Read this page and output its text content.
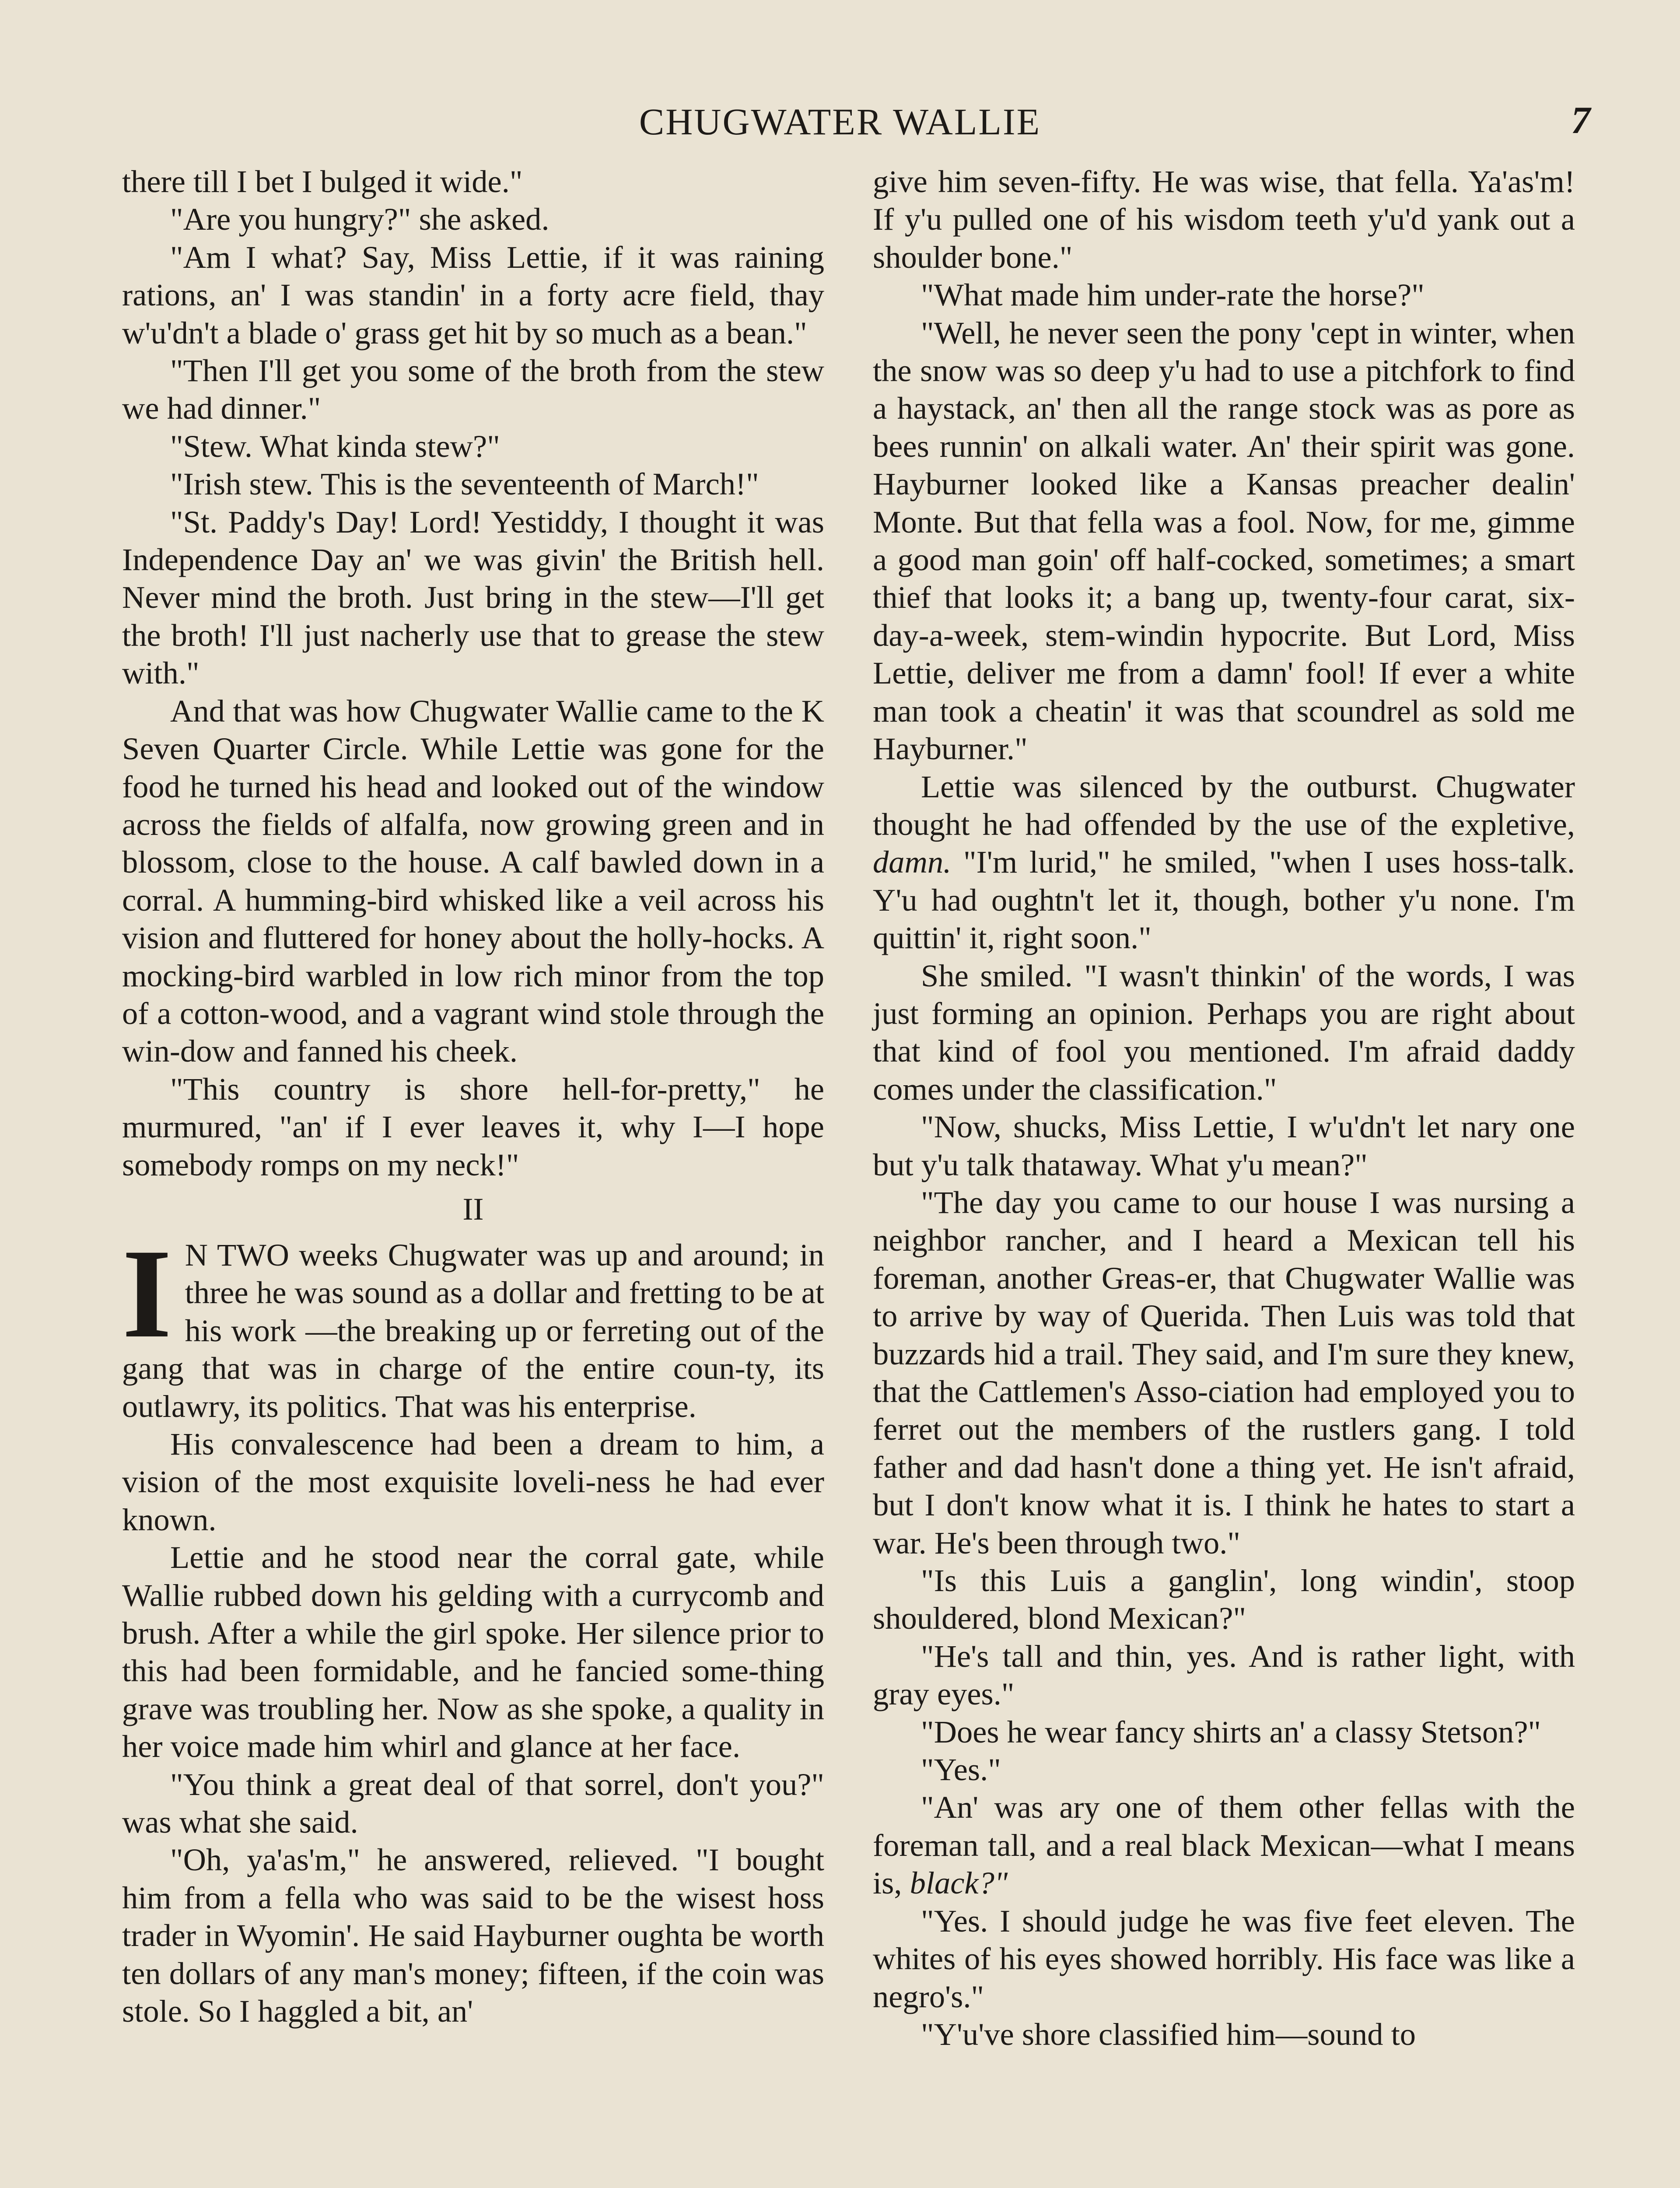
CHUGWATER WALLIE	7

there till I bet I bulged it wide."

"Are you hungry?" she asked.

"Am I what? Say, Miss Lettie, if it was raining rations, an' I was standin' in a forty acre field, thay w'u'dn't a blade o' grass get hit by so much as a bean."

"Then I'll get you some of the broth from the stew we had dinner."

"Stew. What kinda stew?"

"Irish stew. This is the seventeenth of March!"

"St. Paddy's Day! Lord! Yestiddy, I thought it was Independence Day an' we was givin' the British hell. Never mind the broth. Just bring in the stew—I'll get the broth! I'll just nacherly use that to grease the stew with."

And that was how Chugwater Wallie came to the K Seven Quarter Circle. While Lettie was gone for the food he turned his head and looked out of the window across the fields of alfalfa, now growing green and in blossom, close to the house. A calf bawled down in a corral. A humming-bird whisked like a veil across his vision and fluttered for honey about the holly-hocks. A mocking-bird warbled in low rich minor from the top of a cotton-wood, and a vagrant wind stole through the win-dow and fanned his cheek.

"This country is shore hell-for-pretty," he murmured, "an' if I ever leaves it, why I—I hope somebody romps on my neck!"

II

I N TWO weeks Chugwater was up and around; in three he was sound as a dollar and fretting to be at his work —the breaking up or ferreting out of the gang that was in charge of the entire coun-ty, its outlawry, its politics. That was his enterprise.

His convalescence had been a dream to him, a vision of the most exquisite loveli-ness he had ever known.

Lettie and he stood near the corral gate, while Wallie rubbed down his gelding with a currycomb and brush. After a while the girl spoke. Her silence prior to this had been formidable, and he fancied some-thing grave was troubling her. Now as she spoke, a quality in her voice made him whirl and glance at her face.

"You think a great deal of that sorrel, don't you?" was what she said.

"Oh, ya'as'm," he answered, relieved. "I bought him from a fella who was said to be the wisest hoss trader in Wyomin'. He said Hayburner oughta be worth ten dollars of any man's money; fifteen, if the coin was stole. So I haggled a bit, an'

give him seven-fifty. He was wise, that fella. Ya'as'm! If y'u pulled one of his wisdom teeth y'u'd yank out a shoulder bone."

"What made him under-rate the horse?"

"Well, he never seen the pony 'cept in winter, when the snow was so deep y'u had to use a pitchfork to find a haystack, an' then all the range stock was as pore as bees runnin' on alkali water. An' their spirit was gone. Hayburner looked like a Kansas preacher dealin' Monte. But that fella was a fool. Now, for me, gimme a good man goin' off half-cocked, sometimes; a smart thief that looks it; a bang up, twenty-four carat, six-day-a-week, stem-windin hypocrite. But Lord, Miss Lettie, deliver me from a damn' fool! If ever a white man took a cheatin' it was that scoundrel as sold me Hayburner."

Lettie was silenced by the outburst. Chugwater thought he had offended by the use of the expletive, damn. "I'm lurid," he smiled, "when I uses hoss-talk. Y'u had oughtn't let it, though, bother y'u none. I'm quittin' it, right soon."

She smiled. "I wasn't thinkin' of the words, I was just forming an opinion. Perhaps you are right about that kind of fool you mentioned. I'm afraid daddy comes under the classification."

"Now, shucks, Miss Lettie, I w'u'dn't let nary one but y'u talk thataway. What y'u mean?"

"The day you came to our house I was nursing a neighbor rancher, and I heard a Mexican tell his foreman, another Greas-er, that Chugwater Wallie was to arrive by way of Querida. Then Luis was told that buzzards hid a trail. They said, and I'm sure they knew, that the Cattlemen's Asso-ciation had employed you to ferret out the members of the rustlers gang. I told father and dad hasn't done a thing yet. He isn't afraid, but I don't know what it is. I think he hates to start a war. He's been through two."

"Is this Luis a ganglin', long windin', stoop shouldered, blond Mexican?"

"He's tall and thin, yes. And is rather light, with gray eyes."

"Does he wear fancy shirts an' a classy Stetson?"

"Yes."

"An' was ary one of them other fellas with the foreman tall, and a real black Mexican—what I means is, black?"

"Yes. I should judge he was five feet eleven. The whites of his eyes showed horribly. His face was like a negro's."

"Y'u've shore classified him—sound to
